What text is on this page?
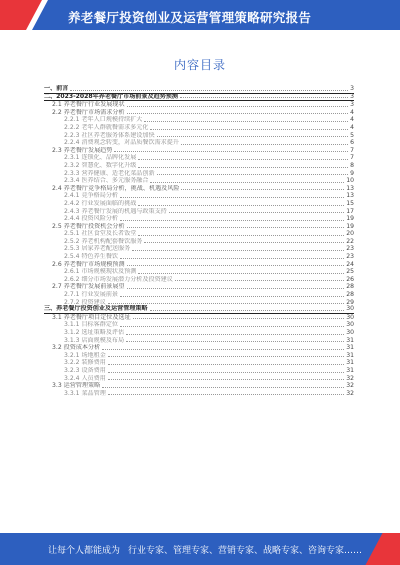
养老餐厅投资创业及运营管理策略研究报告
内容目录
一、前言	3
二、2023-2028年养老餐厅市场前景及趋势预测	3
2.1 养老餐厅行业发展现状	3
2.2 养老餐厅市场需求分析	4
2.2.1 老年人口规模持续扩大	4
2.2.2 老年人群就餐需求多元化	4
2.2.3 社区养老服务体系建设加快	5
2.2.4 消费观念转变，对品质餐饮需求提升	6
2.3 养老餐厅发展趋势	7
2.3.1 连锁化、品牌化发展	7
2.3.2 智慧化、数字化升级	8
2.3.3 营养健康、适老化菜品创新	9
2.3.4 医养结合、多元服务融合	10
2.4 养老餐厅竞争格局分析，挑战、机遇及风险	13
2.4.1 竞争格局分析	13
2.4.2 行业发展面临的挑战	15
2.4.3 养老餐厅发展的机遇与政策支持	17
2.4.4 投资风险分析	19
2.5 养老餐厅投资机会分析	19
2.5.1 社区食堂及长者饭堂	20
2.5.2 养老机构配套餐饮服务	22
2.5.3 居家养老配送服务	23
2.5.4 特色养生餐饮	23
2.6 养老餐厅市场规模预测	24
2.6.1 市场规模现状及预测	25
2.6.2 细分市场发展潜力分析及投资建议	26
2.7 养老餐厅发展前景展望	28
2.7.1 行业发展前景	28
2.7.2 投资建议	29
三、养老餐厅投资创业及运营管理策略	30
3.1 养老餐厅项目定位及选址	30
3.1.1 目标客群定位	30
3.1.2 选址策略及评估	30
3.1.3 店面规模及布局	31
3.2 投资成本分析	31
3.2.1 场地租金	31
3.2.2 装修费用	31
3.2.3 设备费用	31
3.2.4 人员费用	32
3.3 运营管理策略	32
3.3.1 菜品管理	32
让每个人都能成为 行业专家、管理专家、营销专家、战略专家、咨询专家……
